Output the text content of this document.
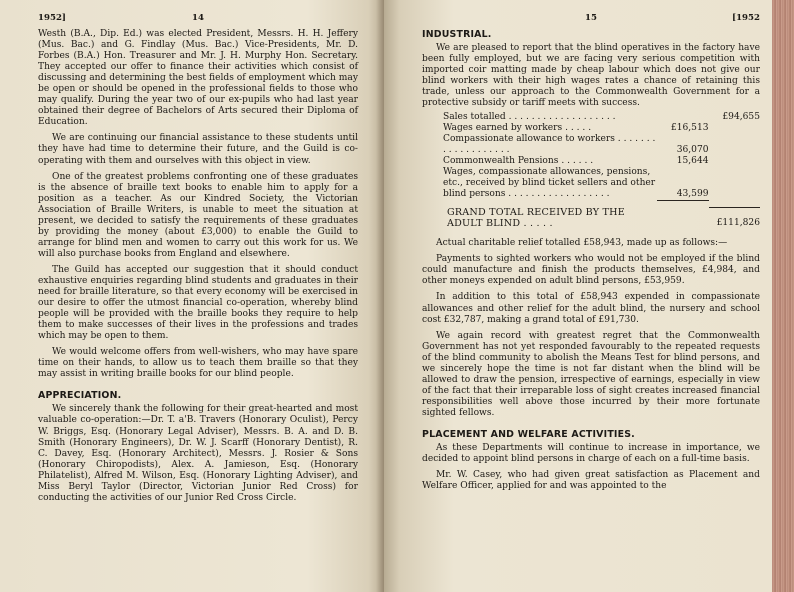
1952]	14

Westh (B.A., Dip. Ed.) was elected President, Messrs. H. H. Jeffery (Mus. Bac.) and G. Findlay (Mus. Bac.) Vice-Presidents, Mr. D. Forbes (B.A.) Hon. Treasurer and Mr. J. H. Murphy Hon. Secretary. They accepted our offer to finance their activities which consist of discussing and determining the best fields of employment which may be open or should be opened in the professional fields to those who may qualify. During the year two of our ex-pupils who had last year obtained their degree of Bachelors of Arts secured their Diploma of Education.

We are continuing our financial assistance to these students until they have had time to determine their future, and the Guild is co-operating with them and ourselves with this object in view.

One of the greatest problems confronting one of these graduates is the absence of braille text books to enable him to apply for a position as a teacher. As our Kindred Society, the Victorian Association of Braille Writers, is unable to meet the situation at present, we decided to satisfy the requirements of these graduates by providing the money (about £3,000) to enable the Guild to arrange for blind men and women to carry out this work for us. We will also purchase books from England and elsewhere.

The Guild has accepted our suggestion that it should conduct exhaustive enquiries regarding blind students and graduates in their need for braille literature, so that every economy will be exercised in our desire to offer the utmost financial co-operation, whereby blind people will be provided with the braille books they require to help them to make successes of their lives in the professions and trades which may be open to them.

We would welcome offers from well-wishers, who may have spare time on their hands, to allow us to teach them braille so that they may assist in writing braille books for our blind people.

APPRECIATION.

We sincerely thank the following for their great-hearted and most valuable co-operation:—Dr. T. a'B. Travers (Honorary Oculist), Percy W. Briggs, Esq. (Honorary Legal Adviser), Messrs. B. A. and D. B. Smith (Honorary Engineers), Dr. W. J. Scarff (Honorary Dentist), R. C. Davey, Esq. (Honorary Architect), Messrs. J. Rosier & Sons (Honorary Chiropodists), Alex. A. Jamieson, Esq. (Honorary Philatelist), Alfred M. Wilson, Esq. (Honorary Lighting Adviser), and Miss Beryl Taylor (Director, Victorian Junior Red Cross) for conducting the activities of our Junior Red Cross Circle.

15	[1952
INDUSTRIAL.

We are pleased to report that the blind operatives in the factory have been fully employed, but we are facing very serious competition with imported coir matting made by cheap labour which does not give our blind workers with their high wages rates a chance of retaining this trade, unless our approach to the Commonwealth Government for a protective subsidy or tariff meets with success.

Sales totalled . . . . . . . . . . . . . . . . . . .		£94,655
Wages earned by workers . . . . .	£16,513	
Compassionate allowance to workers . . . . . . . . . . . . . . . . . . .	36,070	
Commonwealth Pensions . . . . . .	15,644	
Wages, compassionate allowances, pensions, etc., received by blind ticket sellers and other blind persons . . . . . . . . . . . . . . . . . .	43,599	

GRAND TOTAL RECEIVED BY THE ADULT BLIND . . . . .		£111,826

Actual charitable relief totalled £58,943, made up as follows:—

Payments to sighted workers who would not be employed if the blind could manufacture and finish the products themselves, £4,984, and other moneys expended on adult blind persons, £53,959.

In addition to this total of £58,943 expended in compassionate allowances and other relief for the adult blind, the nursery and school cost £32,787, making a grand total of £91,730.

We again record with greatest regret that the Commonwealth Government has not yet responded favourably to the repeated requests of the blind community to abolish the Means Test for blind persons, and we sincerely hope the time is not far distant when the blind will be allowed to draw the pension, irrespective of earnings, especially in view of the fact that their irreparable loss of sight creates increased financial responsibilities well above those incurred by their more fortunate sighted fellows.

PLACEMENT AND WELFARE ACTIVITIES.

As these Departments will continue to increase in importance, we decided to appoint blind persons in charge of each on a full-time basis.

Mr. W. Casey, who had given great satisfaction as Placement and Welfare Officer, applied for and was appointed to the
